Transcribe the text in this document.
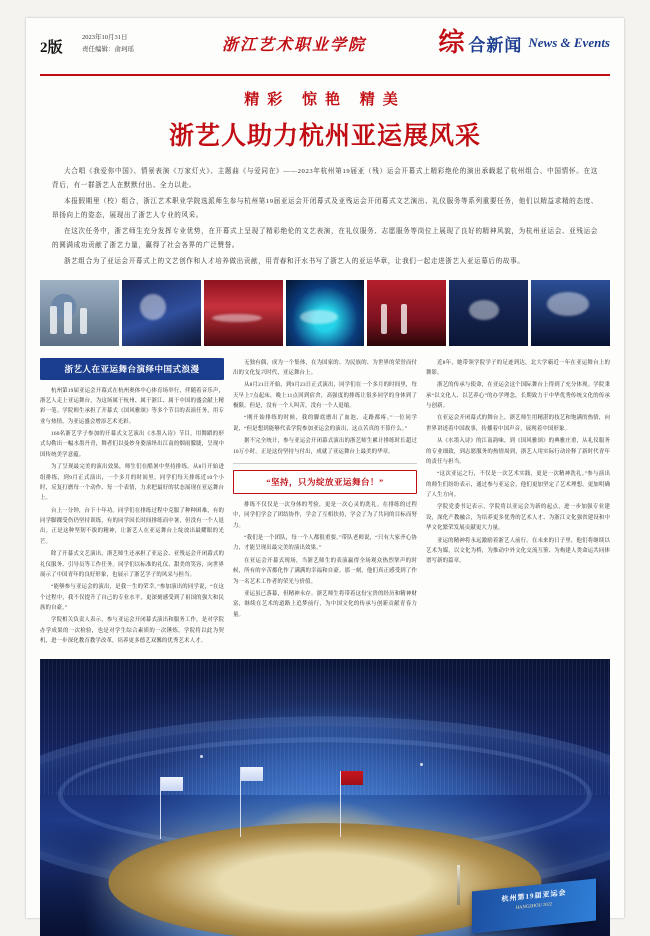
2版
2023年10月31日
责任编辑：俞珂瑶	浙江艺术职业学院	综 合新闻 News & Events
精彩 惊艳 精美
浙艺人助力杭州亚运展风采

大合唱《我爱你中国》、情景表演《万家灯火》、主题曲《与爱同在》——2023年杭州第19届亚（残）运会开幕式上精彩绝伦的演出承载起了杭州组合、中国情怀。在这背后，有一群浙艺人在默默付出、全力以赴。

本报假期里（校）组合，浙江艺术职业学院选派师生参与杭州第19届亚运会开闭幕式及亚残运会开闭幕式文艺演出、礼仪服务等系列重要任务，他们以精益求精的态度、昂扬向上的姿态，展现出了浙艺人专业的风采。

在这次任务中，浙艺师生充分发挥专业优势，在开幕式上呈现了精彩绝伦的文艺表演，在礼仪服务、志愿服务等岗位上展现了良好的精神风貌，为杭州亚运会、亚残运会的圆满成功贡献了浙艺力量，赢得了社会各界的广泛赞誉。

浙艺组合为了亚运会开幕式上的文艺创作和人才培养做出贡献，用青春和汗水书写了浙艺人的亚运华章，让我们一起走进浙艺人亚运幕后的故事。

浙艺人在亚运舞台演绎中国式浪漫

杭州第19届亚运会开幕式在杭州奥体中心体育场举行，伴随着音乐声，浙艺人走上亚运舞台，为这场属于杭州、属于浙江、属于中国的盛会献上精彩一笔。学院师生承担了开幕式《国风雅颂》等多个节目的表演任务，用专业与热情，为亚运盛会增添艺术光彩。

160名浙艺学子参加的开幕式文艺演出《水墨入诗》节目，用舞蹈的形式勾勒出一幅水墨丹青，舞者们以曼妙身姿演绎出江南的烟雨朦胧，呈现中国传统美学意蕴。

为了呈现最完美的演出效果，师生们在酷暑中坚持排练。从8月开始进组排练，到9月正式演出，一个多月的时间里，同学们每天排练近10个小时，反复打磨每一个动作、每一个表情，力求把最好的状态展现在亚运舞台上。

台上一分钟，台下十年功。同学们在排练过程中克服了种种困难，有的同学脚踝受伤仍坚持训练，有的同学因长时间排练而中暑，但没有一个人退出。正是这种坚韧不拔的精神，让浙艺人在亚运舞台上绽放出最耀眼的光芒。

除了开幕式文艺演出，浙艺师生还承担了亚运会、亚残运会开闭幕式的礼仪服务、引导员等工作任务。同学们以标准的礼仪、甜美的笑容，向世界展示了中国青年的良好形象，也展示了浙艺学子的风采与担当。

“能够参与亚运会的演出，是我一生的荣幸。”参加演出的同学说，“在这个过程中，我不仅提升了自己的专业水平，更深刻感受到了祖国的强大和民族的自豪。”

学院相关负责人表示，参与亚运会开闭幕式演出和服务工作，是对学院办学成果的一次检验，也是对学生综合素质的一次锤炼。学院将以此为契机，进一步深化教育教学改革，培养更多德艺双馨的优秀艺术人才。

无独有偶，成为一个集体，在为国家的、为民族的、为世界的荣誉而付出的文化复兴时代，亚运舞台上。

从8月21日开始，到9月23日正式演出，同学们在一个多月的时间里，每天早上7点起床，晚上11点回到宿舍，高强度的排练让很多同学的身体到了极限。但是，没有一个人叫苦，没有一个人退缩。

“刚开始排练的时候，我的脚底磨出了血泡，走路都疼。”一位同学说，“但是想到能够代表学院参加亚运会的演出，这点苦真的不算什么。”

据不完全统计，参与亚运会开闭幕式演出的浙艺师生累计排练时长超过10万小时。正是这份坚持与付出，成就了亚运舞台上最美的华章。

“坚持，只为绽放亚运舞台！”

排练不仅仅是一次身体的考验，更是一次心灵的洗礼。在排练的过程中，同学们学会了团结协作，学会了互相扶持，学会了为了共同的目标而努力。

“我们是一个团队，每一个人都很重要。”带队老师说，“只有大家齐心协力，才能呈现出最完美的演出效果。”

在亚运会开幕式现场，当浙艺师生的表演赢得全场观众热烈掌声的时候，所有的辛苦都化作了满满的幸福和自豪。那一刻，他们真正感受到了作为一名艺术工作者的荣光与价值。

亚运虽已落幕，但精神永存。浙艺师生将带着这份宝贵的经历和精神财富，继续在艺术的道路上追梦前行，为中国文化的传承与创新贡献青春力量。

近8年，她带领学院学子的足迹到达，北大学霸近一年在亚运舞台上的舞影。

浙艺的传承与使命，在亚运会这个国际舞台上得到了充分体现。学院秉承“以文化人、以艺养心”的办学理念，长期致力于中华优秀传统文化的传承与创新。

在亚运会开闭幕式的舞台上，浙艺师生用精湛的技艺和饱满的热情，向世界讲述着中国故事，传播着中国声音，展现着中国形象。

从《水墨入诗》的江南韵味，到《国风雅颂》的典雅庄重，从礼仪服务的专业细致，到志愿服务的热情周到，浙艺人用实际行动诠释了新时代青年的责任与担当。

“这次亚运之行，不仅是一次艺术实践，更是一次精神洗礼。”参与演出的师生们纷纷表示，通过参与亚运会，他们更加坚定了艺术理想，更加明确了人生方向。

学院党委书记表示，学院将以亚运会为新的起点，进一步加强专业建设，深化产教融合，为培养更多优秀的艺术人才、为浙江文化强省建设和中华文化繁荣发展贡献更大力量。

亚运的精神将永远激励着浙艺人前行。在未来的日子里，他们将继续以艺术为媒，以文化为桥，为推动中外文化交流互鉴、为构建人类命运共同体谱写新的篇章。

杭州第19届亚运会
HANGZHOU 2022
